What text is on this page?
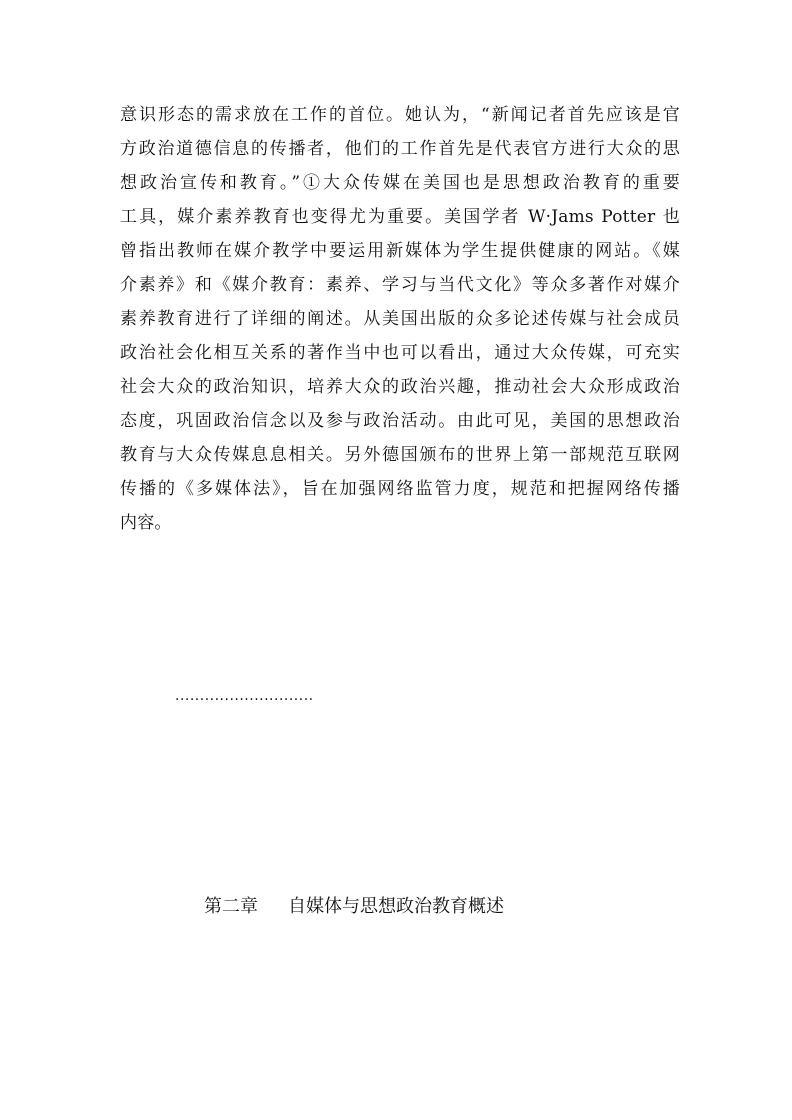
意识形态的需求放在工作的首位。她认为，“新闻记者首先应该是官
方政治道德信息的传播者，他们的工作首先是代表官方进行大众的思
想政治宣传和教育。”①大众传媒在美国也是思想政治教育的重要
工具，媒介素养教育也变得尤为重要。美国学者 W·Jams Potter 也
曾指出教师在媒介教学中要运用新媒体为学生提供健康的网站。《媒
介素养》和《媒介教育：素养、学习与当代文化》等众多著作对媒介
素养教育进行了详细的阐述。从美国出版的众多论述传媒与社会成员
政治社会化相互关系的著作当中也可以看出，通过大众传媒，可充实
社会大众的政治知识，培养大众的政治兴趣，推动社会大众形成政治
态度，巩固政治信念以及参与政治活动。由此可见，美国的思想政治
教育与大众传媒息息相关。另外德国颁布的世界上第一部规范互联网
传播的《多媒体法》，旨在加强网络监管力度，规范和把握网络传播
内容。
............................
第二章 自媒体与思想政治教育概述
